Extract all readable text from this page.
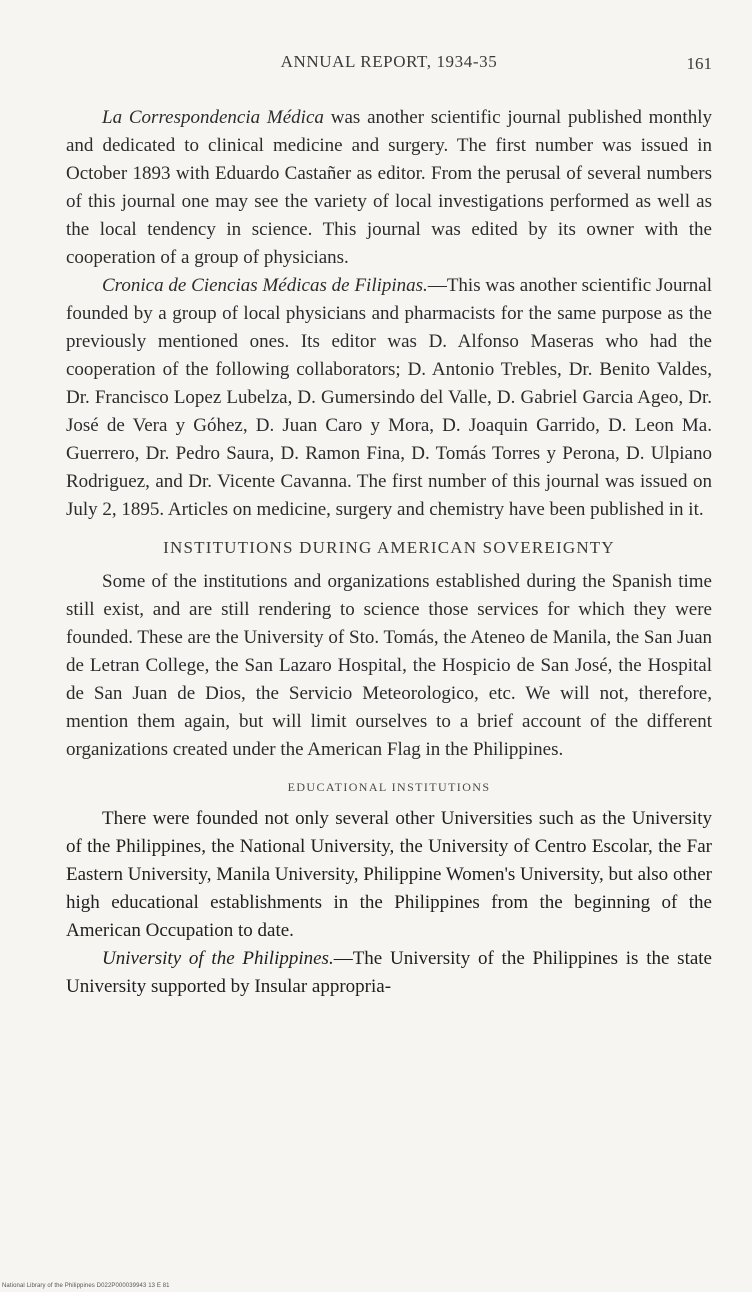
ANNUAL REPORT, 1934-35	161

La Correspondencia Médica was another scientific journal published monthly and dedicated to clinical medicine and surgery. The first number was issued in October 1893 with Eduardo Castañer as editor. From the perusal of several numbers of this journal one may see the variety of local investigations performed as well as the local tendency in science. This journal was edited by its owner with the cooperation of a group of physicians.

Cronica de Ciencias Médicas de Filipinas.—This was another scientific Journal founded by a group of local physicians and pharmacists for the same purpose as the previously mentioned ones. Its editor was D. Alfonso Maseras who had the cooperation of the following collaborators; D. Antonio Trebles, Dr. Benito Valdes, Dr. Francisco Lopez Lubelza, D. Gumersindo del Valle, D. Gabriel Garcia Ageo, Dr. José de Vera y Góhez, D. Juan Caro y Mora, D. Joaquin Garrido, D. Leon Ma. Guerrero, Dr. Pedro Saura, D. Ramon Fina, D. Tomás Torres y Perona, D. Ulpiano Rodriguez, and Dr. Vicente Cavanna. The first number of this journal was issued on July 2, 1895. Articles on medicine, surgery and chemistry have been published in it.

INSTITUTIONS DURING AMERICAN SOVEREIGNTY

Some of the institutions and organizations established during the Spanish time still exist, and are still rendering to science those services for which they were founded. These are the University of Sto. Tomás, the Ateneo de Manila, the San Juan de Letran College, the San Lazaro Hospital, the Hospicio de San José, the Hospital de San Juan de Dios, the Servicio Meteorologico, etc. We will not, therefore, mention them again, but will limit ourselves to a brief account of the different organizations created under the American Flag in the Philippines.

EDUCATIONAL INSTITUTIONS

There were founded not only several other Universities such as the University of the Philippines, the National University, the University of Centro Escolar, the Far Eastern University, Manila University, Philippine Women's University, but also other high educational establishments in the Philippines from the beginning of the American Occupation to date.

University of the Philippines.—The University of the Philippines is the state University supported by Insular appropria-

National Library of the Philippines D022P000039943 13 E 81
